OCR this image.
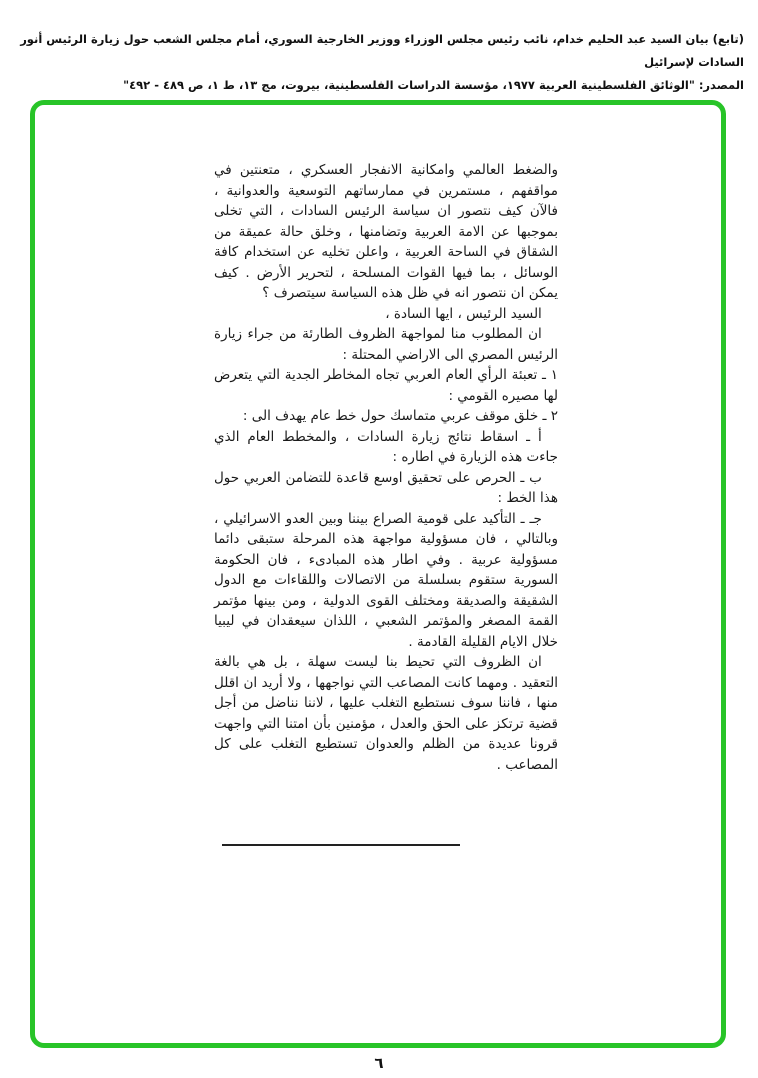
(تابع) بيان السيد عبد الحليم خدام، نائب رئيس مجلس الوزراء ووزير الخارجية السوري، أمام مجلس الشعب حول زيارة الرئيس أنور السادات لإسرائيل
المصدر: "الوثائق الفلسطينية العربية ١٩٧٧، مؤسسة الدراسات الفلسطينية، بيروت، مج ١٣، ط ١، ص ٤٨٩ - ٤٩٢"

والضغط العالمي وامكانية الانفجار العسكري ، متعنتين في مواقفهم ، مستمرين في ممارساتهم التوسعية والعدوانية ، فالآن كيف نتصور ان سياسة الرئيس السادات ، التي تخلى بموجبها عن الامة العربية وتضامنها ، وخلق حالة عميقة من الشقاق في الساحة العربية ، واعلن تخليه عن استخدام كافة الوسائل ، بما فيها القوات المسلحة ، لتحرير الأرض . كيف يمكن ان نتصور انه في ظل هذه السياسة سيتصرف ؟

السيد الرئيس ، ايها السادة ،

ان المطلوب منا لمواجهة الظروف الطارئة من جراء زيارة الرئيس المصري الى الاراضي المحتلة :

١ ـ تعبئة الرأي العام العربي تجاه المخاطر الجدية التي يتعرض لها مصيره القومي :

٢ ـ خلق موقف عربي متماسك حول خط عام يهدف الى :

أ ـ اسقاط نتائج زيارة السادات ، والمخطط العام الذي جاءت هذه الزيارة في اطاره :

ب ـ الحرص على تحقيق اوسع قاعدة للتضامن العربي حول هذا الخط :

جـ ـ التأكيد على قومية الصراع بيننا وبين العدو الاسرائيلي ، وبالتالي ، فان مسؤولية مواجهة هذه المرحلة ستبقى دائما مسؤولية عربية . وفي اطار هذه المبادىء ، فان الحكومة السورية ستقوم بسلسلة من الاتصالات واللقاءات مع الدول الشقيقة والصديقة ومختلف القوى الدولية ، ومن بينها مؤتمر القمة المصغر والمؤتمر الشعبي ، اللذان سيعقدان في ليبيا خلال الايام القليلة القادمة .

ان الظروف التي تحيط بنا ليست سهلة ، بل هي بالغة التعقيد . ومهما كانت المصاعب التي نواجهها ، ولا أريد ان اقلل منها ، فاننا سوف نستطيع التغلب عليها ، لاننا نناضل من أجل قضية ترتكز على الحق والعدل ، مؤمنين بأن امتنا التي واجهت قرونا عديدة من الظلم والعدوان تستطيع التغلب على كل المصاعب .

٦
